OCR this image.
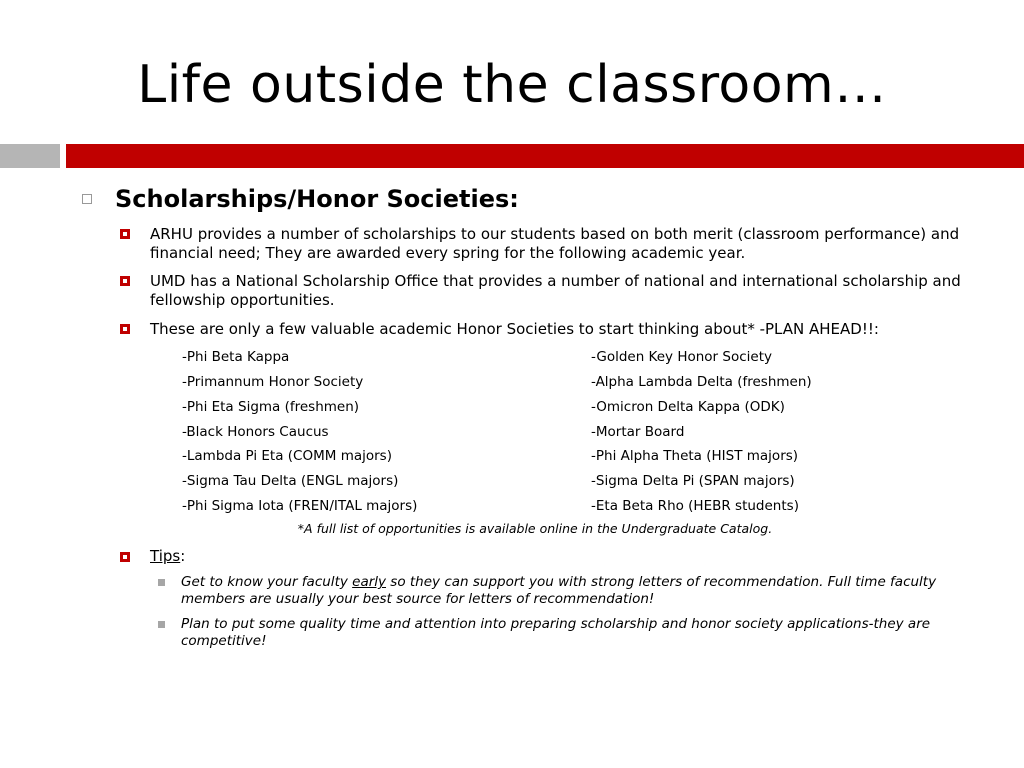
Life outside the classroom…
Scholarships/Honor Societies:
ARHU provides a number of scholarships to our students based on both merit (classroom performance) and financial need; They are awarded every spring for the following academic year.
UMD has a National Scholarship Office that provides a number of national and international scholarship and fellowship opportunities.
These are only a few valuable academic Honor Societies to start thinking about* -PLAN AHEAD!!:
-Phi Beta Kappa
-Primannum Honor Society
-Phi Eta Sigma (freshmen)
-Black Honors Caucus
-Lambda Pi Eta (COMM majors)
-Sigma Tau Delta (ENGL majors)
-Phi Sigma Iota (FREN/ITAL majors)
-Golden Key Honor Society
-Alpha Lambda Delta (freshmen)
-Omicron Delta Kappa (ODK)
-Mortar Board
-Phi Alpha Theta (HIST majors)
-Sigma Delta Pi (SPAN majors)
-Eta Beta Rho (HEBR students)
*A full list of opportunities is available online in the Undergraduate Catalog.
Tips:
Get to know your faculty early so they can support you with strong letters of recommendation. Full time faculty members are usually your best source for letters of recommendation!
Plan to put some quality time and attention into preparing scholarship and honor society applications-they are competitive!
